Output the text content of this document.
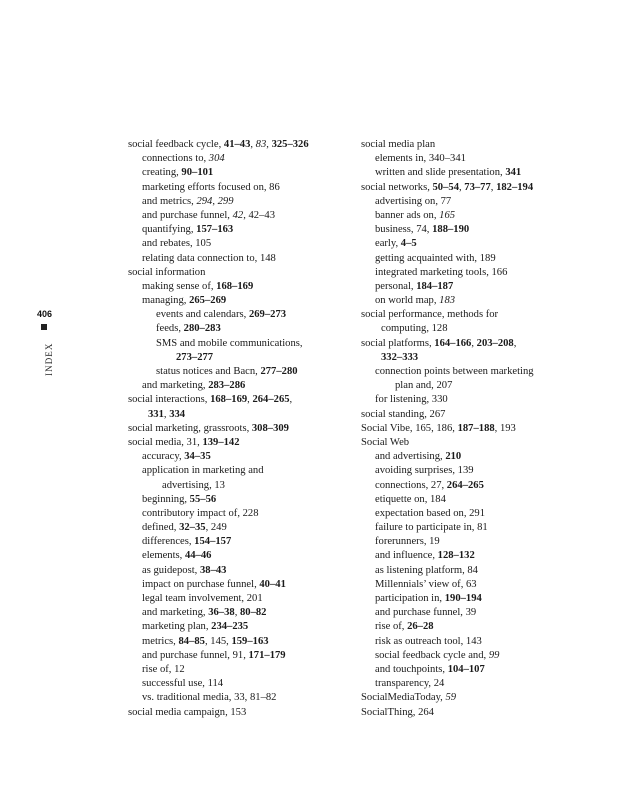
406
INDEX
social feedback cycle, 41–43, 83, 325–326
connections to, 304
creating, 90–101
marketing efforts focused on, 86
and metrics, 294, 299
and purchase funnel, 42, 42–43
quantifying, 157–163
and rebates, 105
relating data connection to, 148
social information
making sense of, 168–169
managing, 265–269
events and calendars, 269–273
feeds, 280–283
SMS and mobile communications,
273–277
status notices and Bacn, 277–280
and marketing, 283–286
social interactions, 168–169, 264–265,
331, 334
social marketing, grassroots, 308–309
social media, 31, 139–142
accuracy, 34–35
application in marketing and
advertising, 13
beginning, 55–56
contributory impact of, 228
defined, 32–35, 249
differences, 154–157
elements, 44–46
as guidepost, 38–43
impact on purchase funnel, 40–41
legal team involvement, 201
and marketing, 36–38, 80–82
marketing plan, 234–235
metrics, 84–85, 145, 159–163
and purchase funnel, 91, 171–179
rise of, 12
successful use, 114
vs. traditional media, 33, 81–82
social media campaign, 153
social media plan
elements in, 340–341
written and slide presentation, 341
social networks, 50–54, 73–77, 182–194
advertising on, 77
banner ads on, 165
business, 74, 188–190
early, 4–5
getting acquainted with, 189
integrated marketing tools, 166
personal, 184–187
on world map, 183
social performance, methods for
computing, 128
social platforms, 164–166, 203–208,
332–333
connection points between marketing
plan and, 207
for listening, 330
social standing, 267
Social Vibe, 165, 186, 187–188, 193
Social Web
and advertising, 210
avoiding surprises, 139
connections, 27, 264–265
etiquette on, 184
expectation based on, 291
failure to participate in, 81
forerunners, 19
and influence, 128–132
as listening platform, 84
Millennials’ view of, 63
participation in, 190–194
and purchase funnel, 39
rise of, 26–28
risk as outreach tool, 143
social feedback cycle and, 99
and touchpoints, 104–107
transparency, 24
SocialMediaToday, 59
SocialThing, 264
